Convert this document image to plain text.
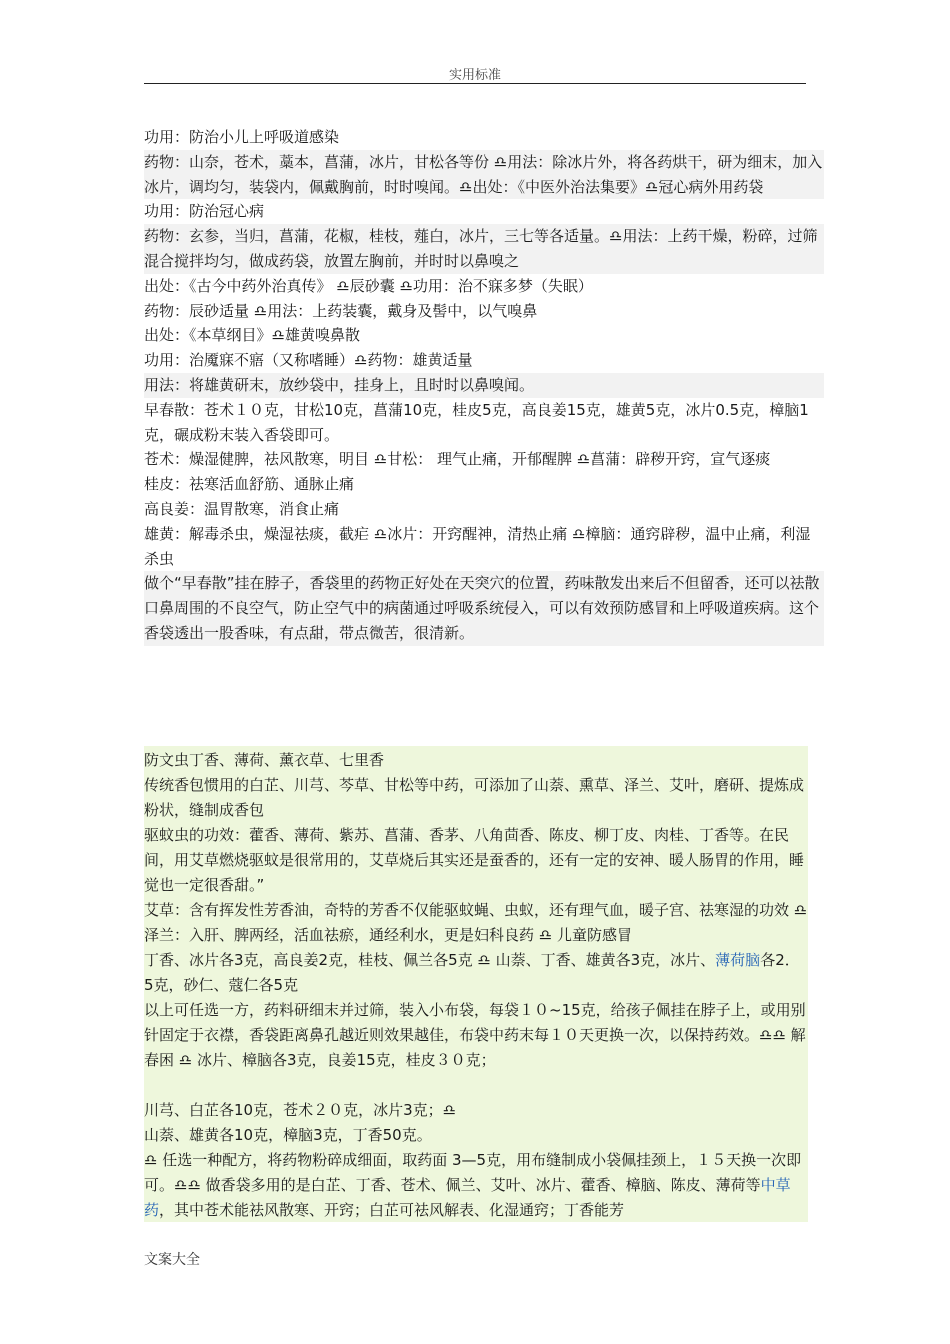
实用标准

功用：防治小儿上呼吸道感染

药物：山奈，苍术，藁本，菖蒲，冰片，甘松各等份 ♎用法：除冰片外，将各药烘干，研为细末，加入冰片，调均匀，装袋内，佩戴胸前，时时嗅闻。♎出处：《中医外治法集要》♎冠心病外用药袋

功用：防治冠心病

药物：玄参，当归，菖蒲，花椒，桂枝，薤白，冰片，三七等各适量。♎用法：上药干燥，粉碎，过筛混合搅拌均匀，做成药袋，放置左胸前，并时时以鼻嗅之

出处：《古今中药外治真传》 ♎辰砂囊 ♎功用：治不寐多梦（失眠）

药物：辰砂适量 ♎用法：上药装囊，戴身及髻中，以气嗅鼻

出处：《本草纲目》♎雄黄嗅鼻散

功用：治魇寐不寤（又称嗜睡）♎药物：雄黄适量

用法：将雄黄研末，放纱袋中，挂身上，且时时以鼻嗅闻。

早春散：苍术１０克，甘松10克，菖蒲10克，桂皮5克，高良姜15克，雄黄5克，冰片0.5克，樟脑1克，碾成粉末装入香袋即可。

苍术：燥湿健脾，祛风散寒，明目 ♎甘松： 理气止痛，开郁醒脾 ♎菖蒲：辟秽开窍，宣气逐痰

桂皮：祛寒活血舒筋、通脉止痛

高良姜：温胃散寒，消食止痛

雄黄：解毒杀虫，燥湿祛痰，截疟 ♎冰片：开窍醒神，清热止痛 ♎樟脑：通窍辟秽，温中止痛，利湿杀虫

做个“早春散”挂在脖子，香袋里的药物正好处在天突穴的位置，药味散发出来后不但留香，还可以祛散口鼻周围的不良空气，防止空气中的病菌通过呼吸系统侵入，可以有效预防感冒和上呼吸道疾病。这个香袋透出一股香味，有点甜，带点微苦，很清新。

防文虫丁香、薄荷、薰衣草、七里香

传统香包惯用的白芷、川芎、芩草、甘松等中药，可添加了山萘、熏草、泽兰、艾叶，磨研、提炼成粉状，缝制成香包

驱蚊虫的功效：藿香、薄荷、紫苏、菖蒲、香茅、八角茴香、陈皮、柳丁皮、肉桂、丁香等。在民间，用艾草燃烧驱蚊是很常用的，艾草烧后其实还是蚕香的，还有一定的安神、暖人肠胃的作用，睡觉也一定很香甜。”

艾草：含有挥发性芳香油，奇特的芳香不仅能驱蚊蝇、虫蚁，还有理气血，暖子宫、祛寒湿的功效 ♎ 泽兰：入肝、脾两经，活血祛瘀，通经利水，更是妇科良药 ♎ 儿童防感冒

丁香、冰片各3克，高良姜2克，桂枝、佩兰各5克 ♎ 山萘、丁香、雄黄各3克，冰片、薄荷脑各2．5克，砂仁、蔻仁各5克

以上可任选一方，药料研细末并过筛，装入小布袋，每袋１０~15克，给孩子佩挂在脖子上，或用别针固定于衣襟，香袋距离鼻孔越近则效果越佳，布袋中药末每１０天更换一次，以保持药效。♎♎ 解春困 ♎ 冰片、樟脑各3克，良姜15克，桂皮３０克；

川芎、白芷各10克，苍术２０克，冰片3克；♎

山萘、雄黄各10克，樟脑3克，丁香50克。

♎ 任选一种配方，将药物粉碎成细面，取药面 3—5克，用布缝制成小袋佩挂颈上，１５天换一次即可。♎♎ 做香袋多用的是白芷、丁香、苍术、佩兰、艾叶、冰片、藿香、樟脑、陈皮、薄荷等中草药，其中苍术能祛风散寒、开窍；白芷可祛风解表、化湿通窍；丁香能芳

文案大全
